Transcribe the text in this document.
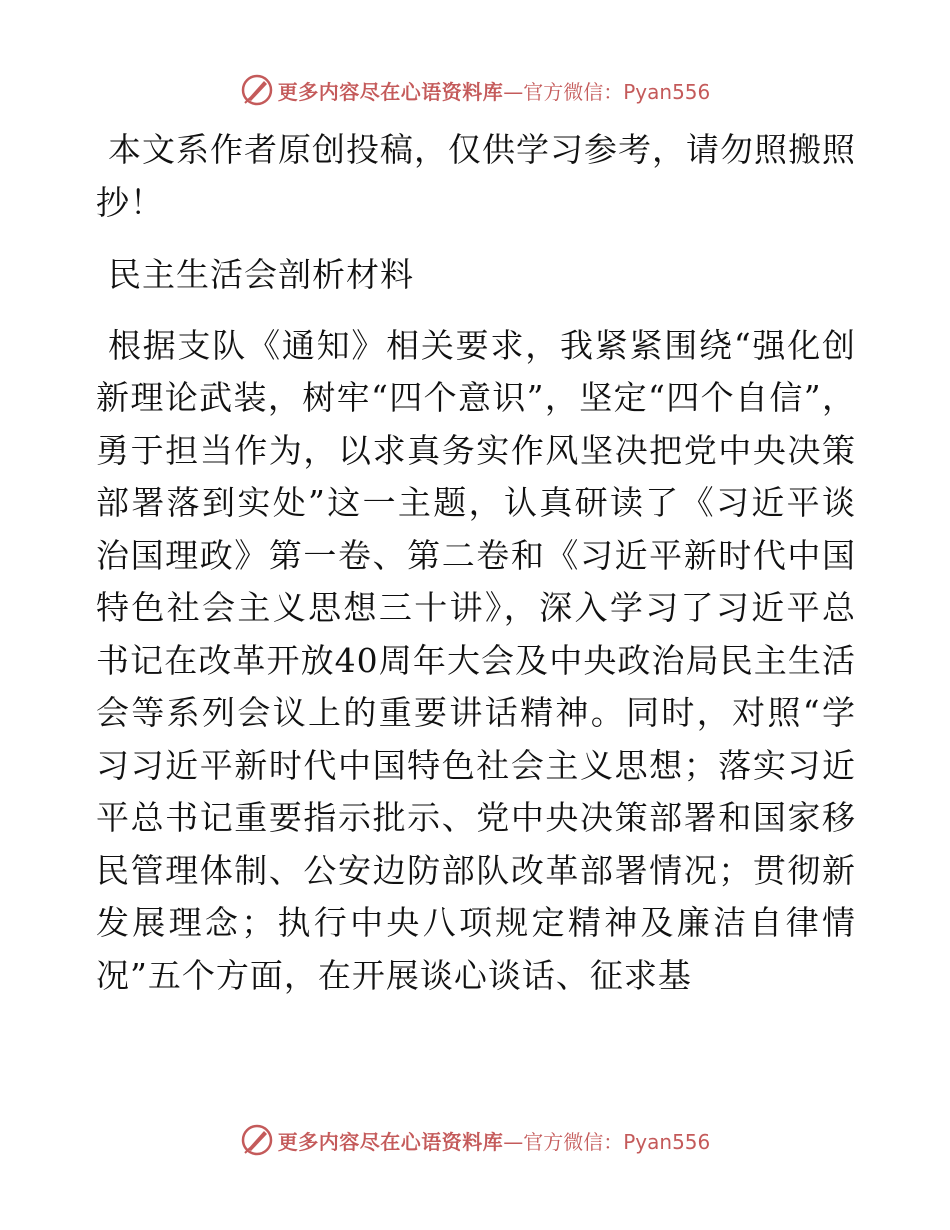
更多内容尽在心语资料库—官方微信：Pyan556

本文系作者原创投稿，仅供学习参考，请勿照搬照抄！

民主生活会剖析材料

根据支队《通知》相关要求，我紧紧围绕“强化创新理论武装，树牢“四个意识”，坚定“四个自信”，勇于担当作为，以求真务实作风坚决把党中央决策部署落到实处”这一主题，认真研读了《习近平谈治国理政》第一卷、第二卷和《习近平新时代中国特色社会主义思想三十讲》，深入学习了习近平总书记在改革开放40周年大会及中央政治局民主生活会等系列会议上的重要讲话精神。同时，对照“学习习近平新时代中国特色社会主义思想；落实习近平总书记重要指示批示、党中央决策部署和国家移民管理体制、公安边防部队改革部署情况；贯彻新发展理念；执行中央八项规定精神及廉洁自律情况”五个方面，在开展谈心谈话、征求基

更多内容尽在心语资料库—官方微信：Pyan556
